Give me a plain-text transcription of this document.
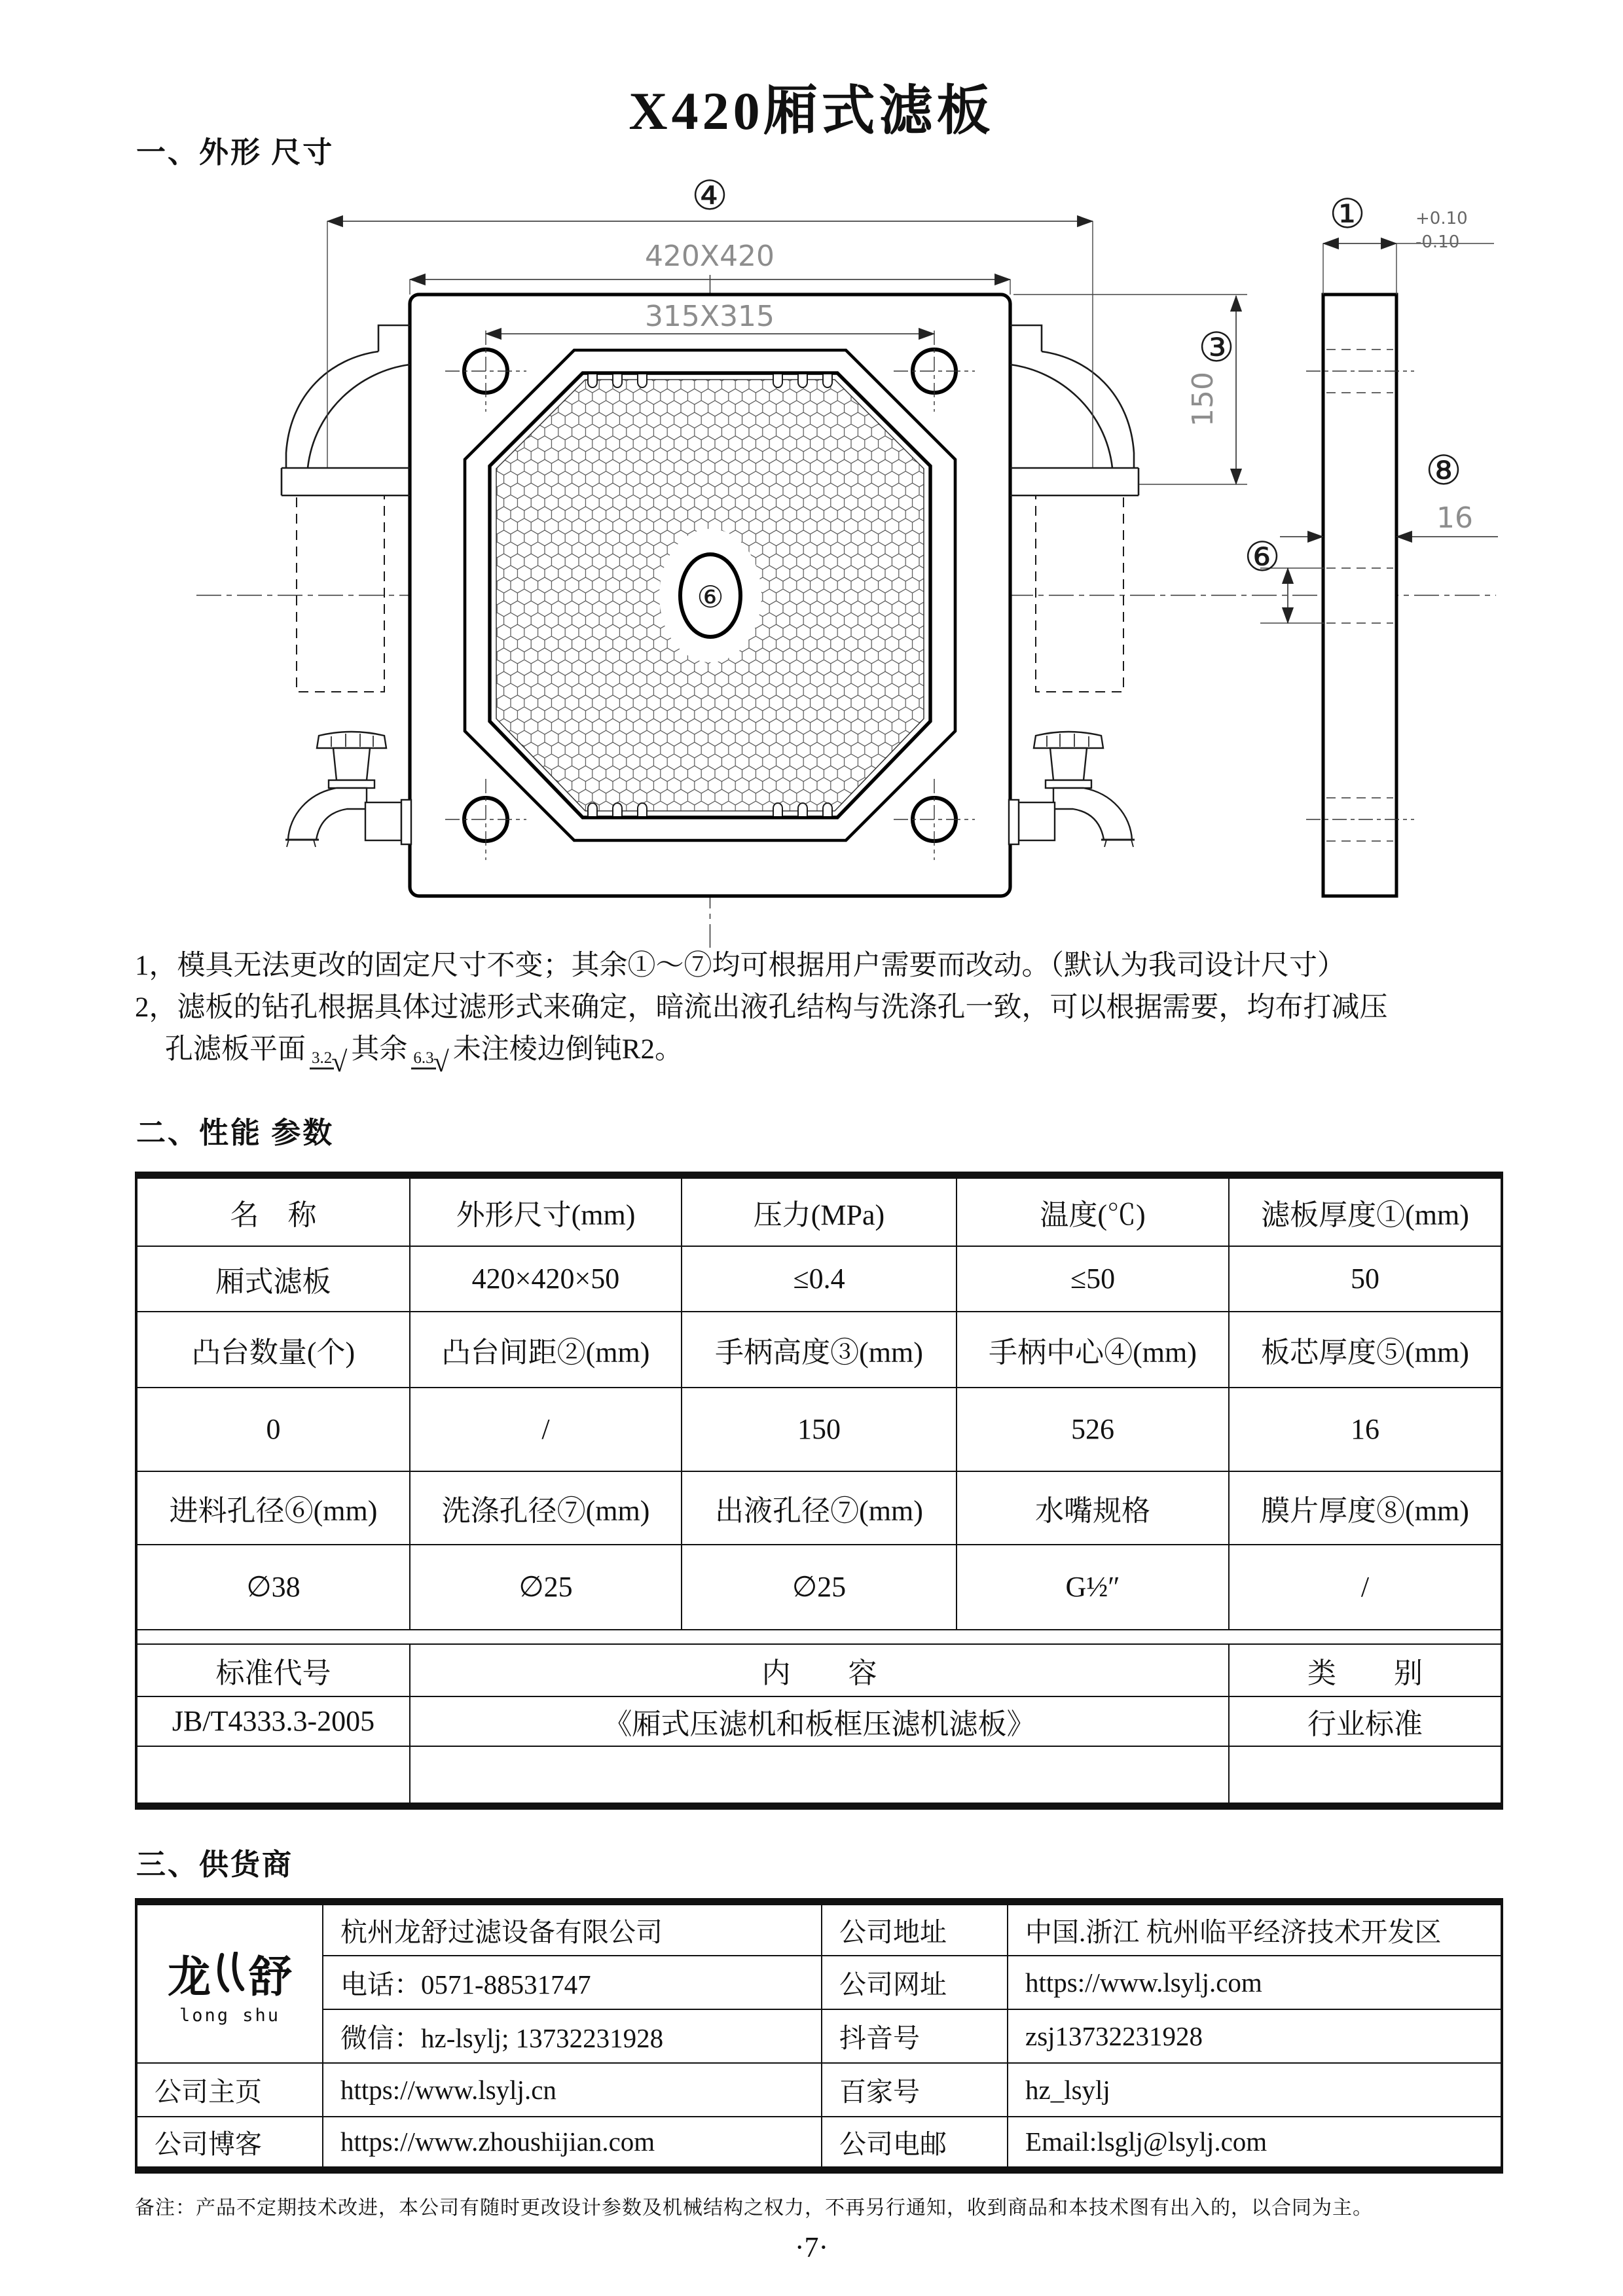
X420厢式滤板
一、外形 尺寸
⑥
④
420X420
315X315
③
150
①	+0.10
-0.10
⑧
16
⑥

1，模具无法更改的固定尺寸不变；其余①～⑦均可根据用户需要而改动。（默认为我司设计尺寸）

2，滤板的钻孔根据具体过滤形式来确定，暗流出液孔结构与洗涤孔一致，可以根据需要，均布打减压

孔滤板平面 3.2 √ 其余 6.3 √ 未注棱边倒钝R2。

二、性能 参数
名　称	外形尺寸(mm)	压力(MPa)	温度(℃)	滤板厚度①(mm)
厢式滤板	420×420×50	≤0.4	≤50	50
凸台数量(个)	凸台间距②(mm)	手柄高度③(mm)	手柄中心④(mm)	板芯厚度⑤(mm)
0	/	150	526	16
进料孔径⑥(mm)	洗涤孔径⑦(mm)	出液孔径⑦(mm)	水嘴规格	膜片厚度⑧(mm)
∅38	∅25	∅25	G½″	/

标准代号	内　　容			类　　别
JB/T4333.3-2005	《厢式压滤机和板框压滤机滤板》			行业标准

三、供货商
龙 舒
long shu	杭州龙舒过滤设备有限公司	公司地址	中国.浙江 杭州临平经济技术开发区
	电话：0571-88531747	公司网址	https://www.lsylj.com
	微信：hz-lsylj; 13732231928	抖音号	zsj13732231928
公司主页	https://www.lsylj.cn	百家号	hz_lsylj
公司博客	https://www.zhoushijian.com	公司电邮	Email:lsglj@lsylj.com
备注：产品不定期技术改进，本公司有随时更改设计参数及机械结构之权力，不再另行通知，收到商品和本技术图有出入的，以合同为主。
·7·
